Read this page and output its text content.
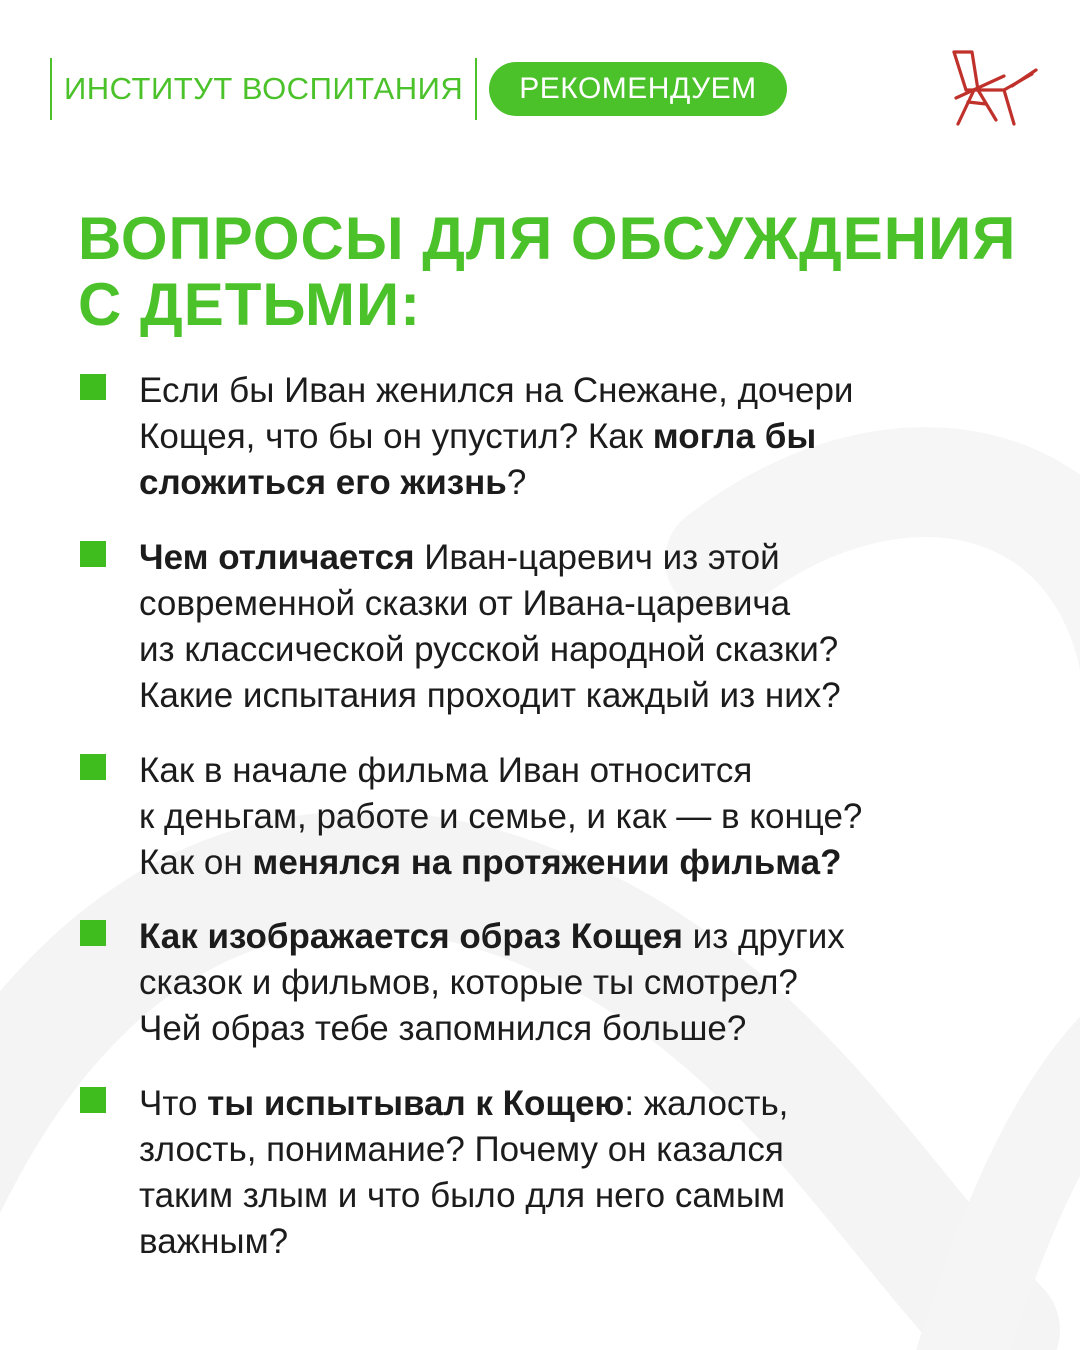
ИНСТИТУТ ВОСПИТАНИЯ	РЕКОМЕНДУЕМ
ВОПРОСЫ ДЛЯ ОБСУЖДЕНИЯ
С ДЕТЬМИ:

Если бы Иван женился на Снежане, дочери
Кощея, что бы он упустил? Как могла бы
сложиться его жизнь?

Чем отличается Иван-царевич из этой
современной сказки от Ивана-царевича
из классической русской народной сказки?
Какие испытания проходит каждый из них?

Как в начале фильма Иван относится
к деньгам, работе и семье, и как — в конце?
Как он менялся на протяжении фильма?

Как изображается образ Кощея из других
сказок и фильмов, которые ты смотрел?
Чей образ тебе запомнился больше?

Что ты испытывал к Кощею: жалость,
злость, понимание? Почему он казался
таким злым и что было для него самым
важным?
